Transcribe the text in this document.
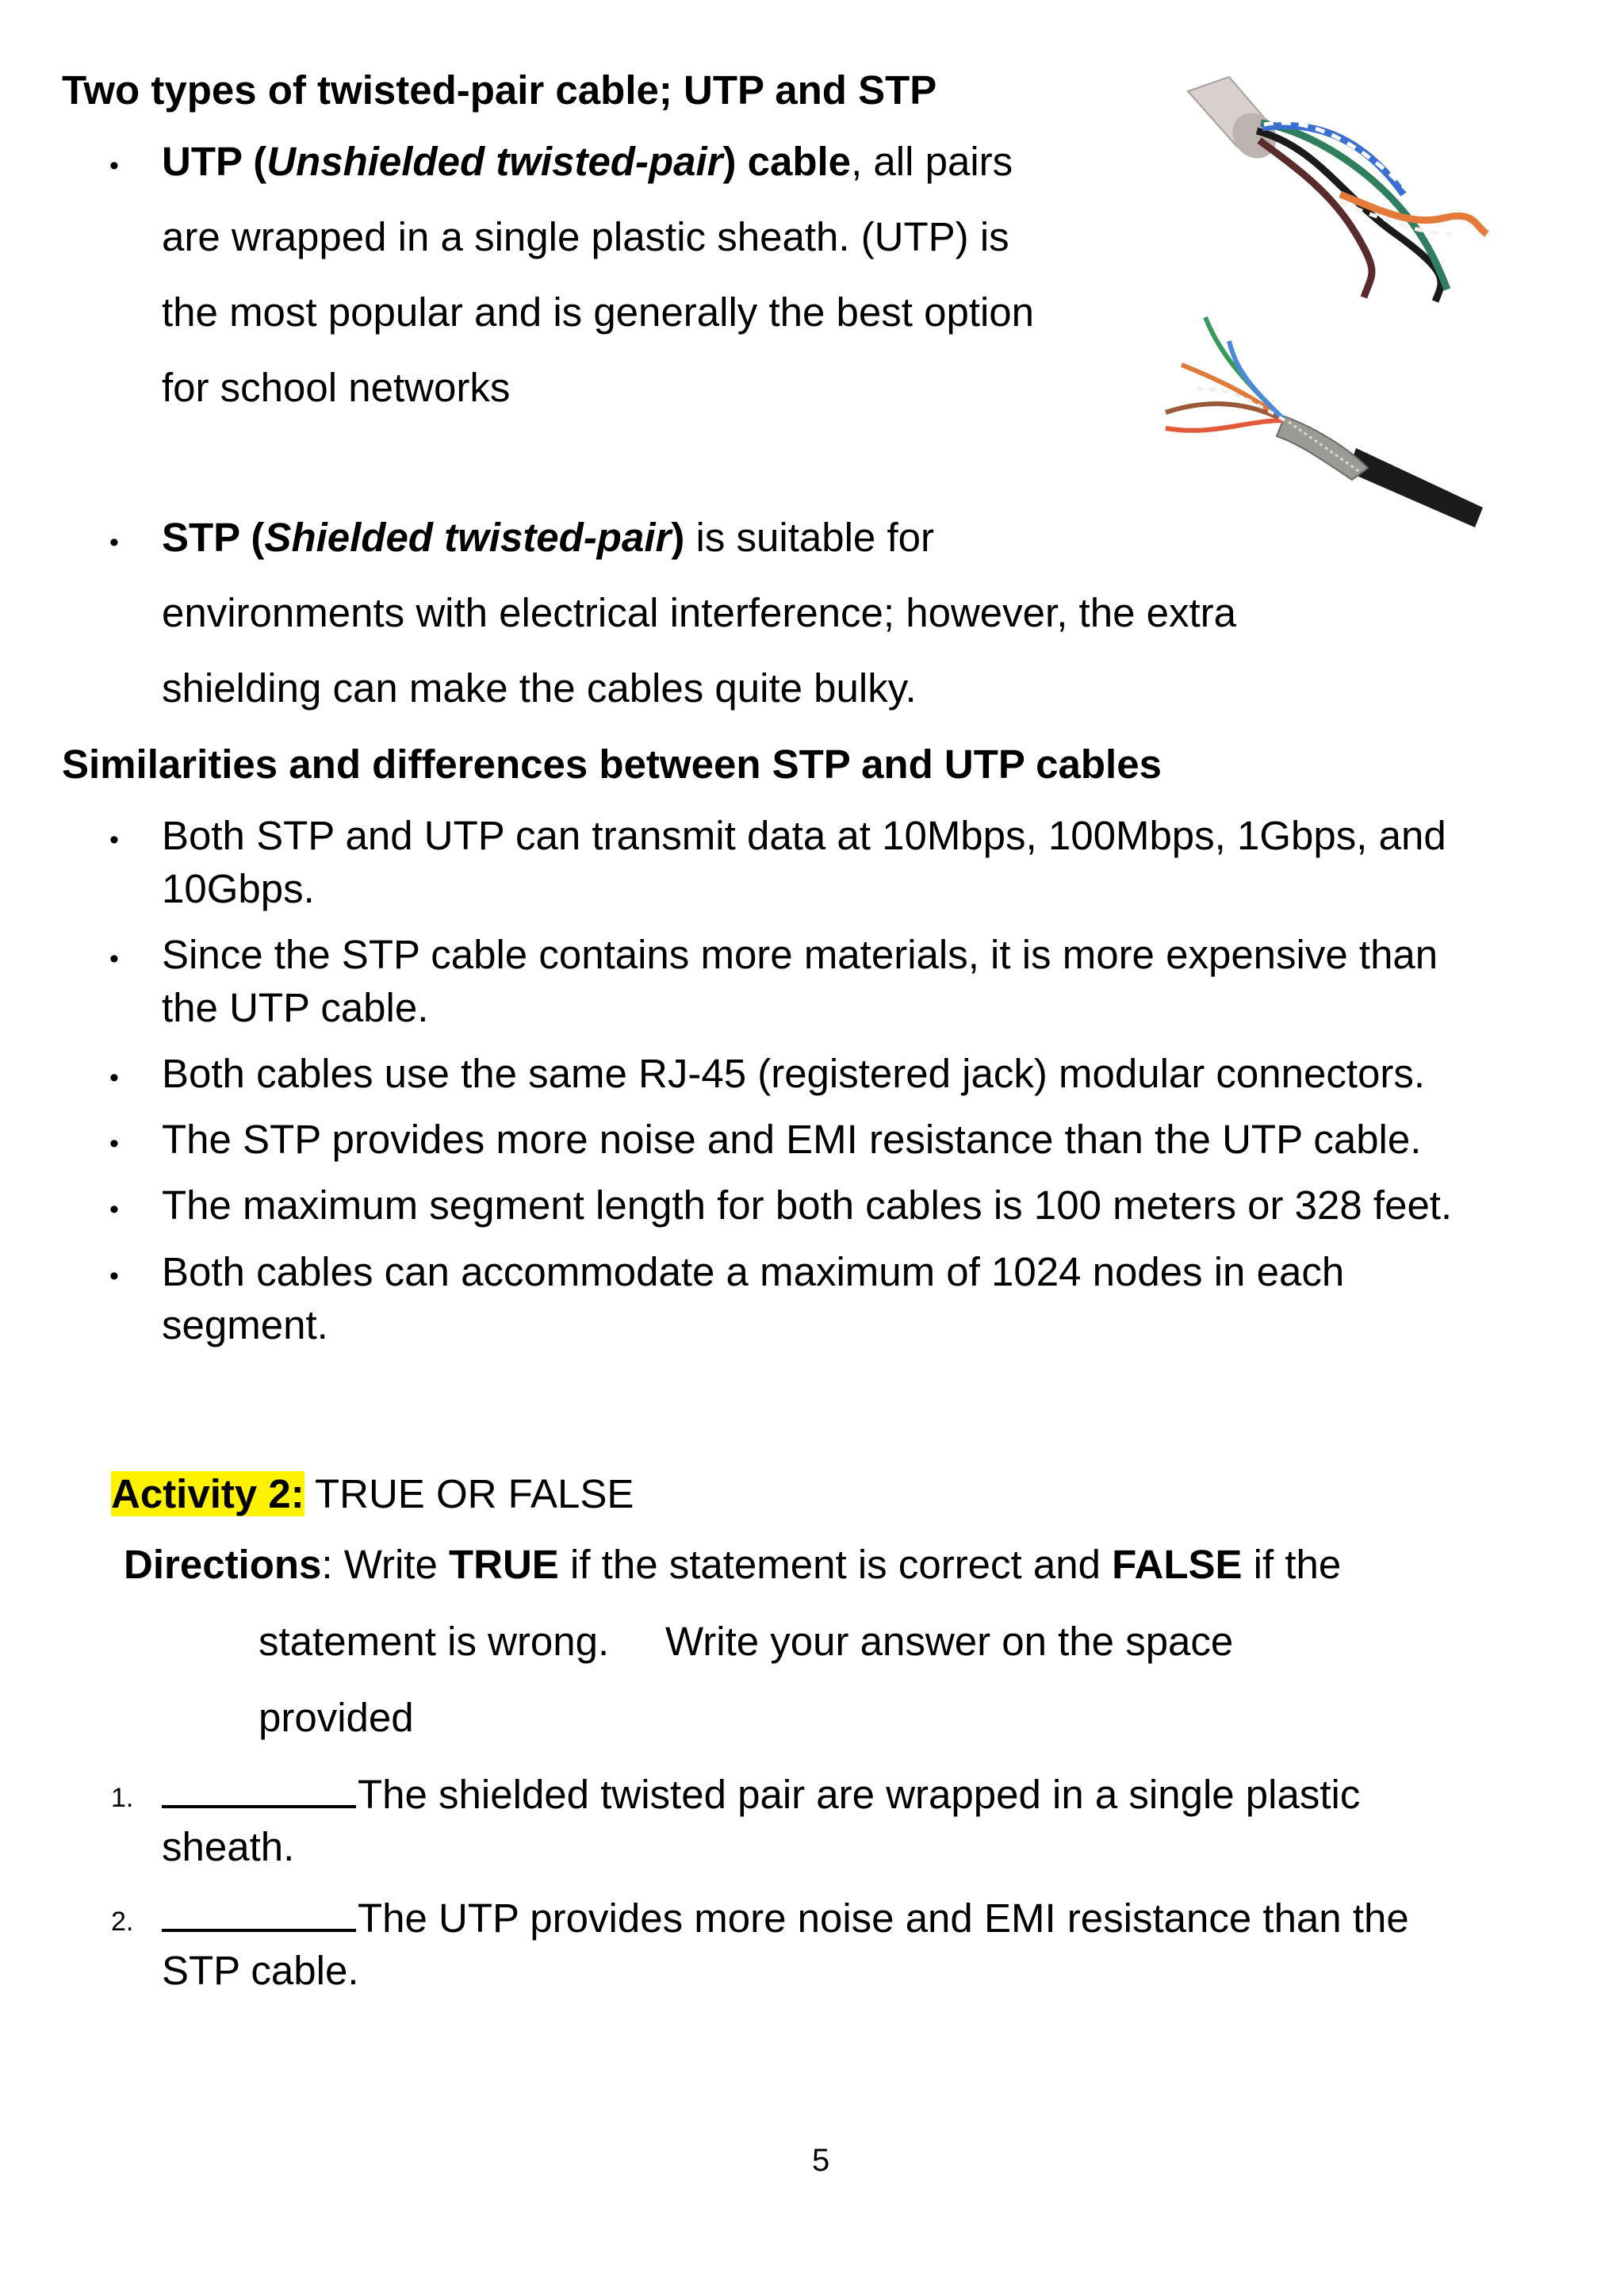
Two types of twisted-pair cable; UTP and STP
• UTP (Unshielded twisted-pair) cable, all pairs
are wrapped in a single plastic sheath. (UTP) is
the most popular and is generally the best option
for school networks
• STP (Shielded twisted-pair) is suitable for
environments with electrical interference; however, the extra
shielding can make the cables quite bulky.
Similarities and differences between STP and UTP cables
• Both STP and UTP can transmit data at 10Mbps, 100Mbps, 1Gbps, and
10Gbps.
• Since the STP cable contains more materials, it is more expensive than
the UTP cable.
• Both cables use the same RJ-45 (registered jack) modular connectors.
• The STP provides more noise and EMI resistance than the UTP cable.
• The maximum segment length for both cables is 100 meters or 328 feet.
• Both cables can accommodate a maximum of 1024 nodes in each
segment.
Activity 2: TRUE OR FALSE
Directions: Write TRUE if the statement is correct and FALSE if the
statement is wrong.     Write your answer on the space
provided
1.	The shielded twisted pair are wrapped in a single plastic
sheath.
2.	The UTP provides more noise and EMI resistance than the
STP cable.
5
